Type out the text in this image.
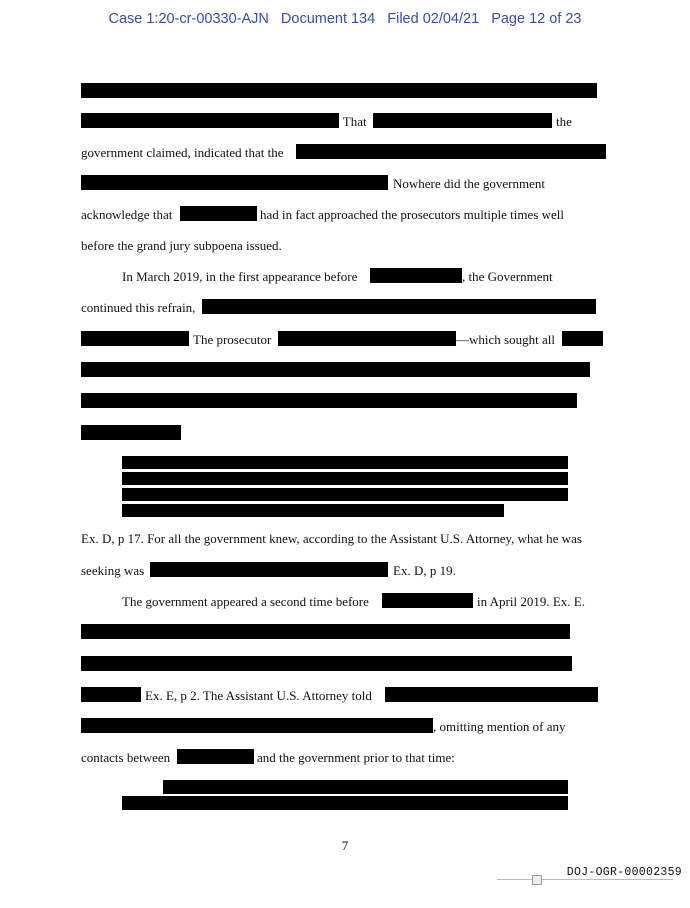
Case 1:20-cr-00330-AJN Document 134 Filed 02/04/21 Page 12 of 23
” That	the
government claimed, indicated that the
Nowhere did the government
acknowledge that	had in fact approached the prosecutors multiple times well
before the grand jury subpoena issued.
In March 2019, in the first appearance before	, the Government
continued this refrain,
The prosecutor	—which sought all
Ex. D, p 17. For all the government knew, according to the Assistant U.S. Attorney, what he was
seeking was	Ex. D, p 19.
The government appeared a second time before	in April 2019. Ex. E.
Ex. E, p 2. The Assistant U.S. Attorney told
, omitting mention of any
contacts between	and the government prior to that time:
7
DOJ-OGR-00002359
